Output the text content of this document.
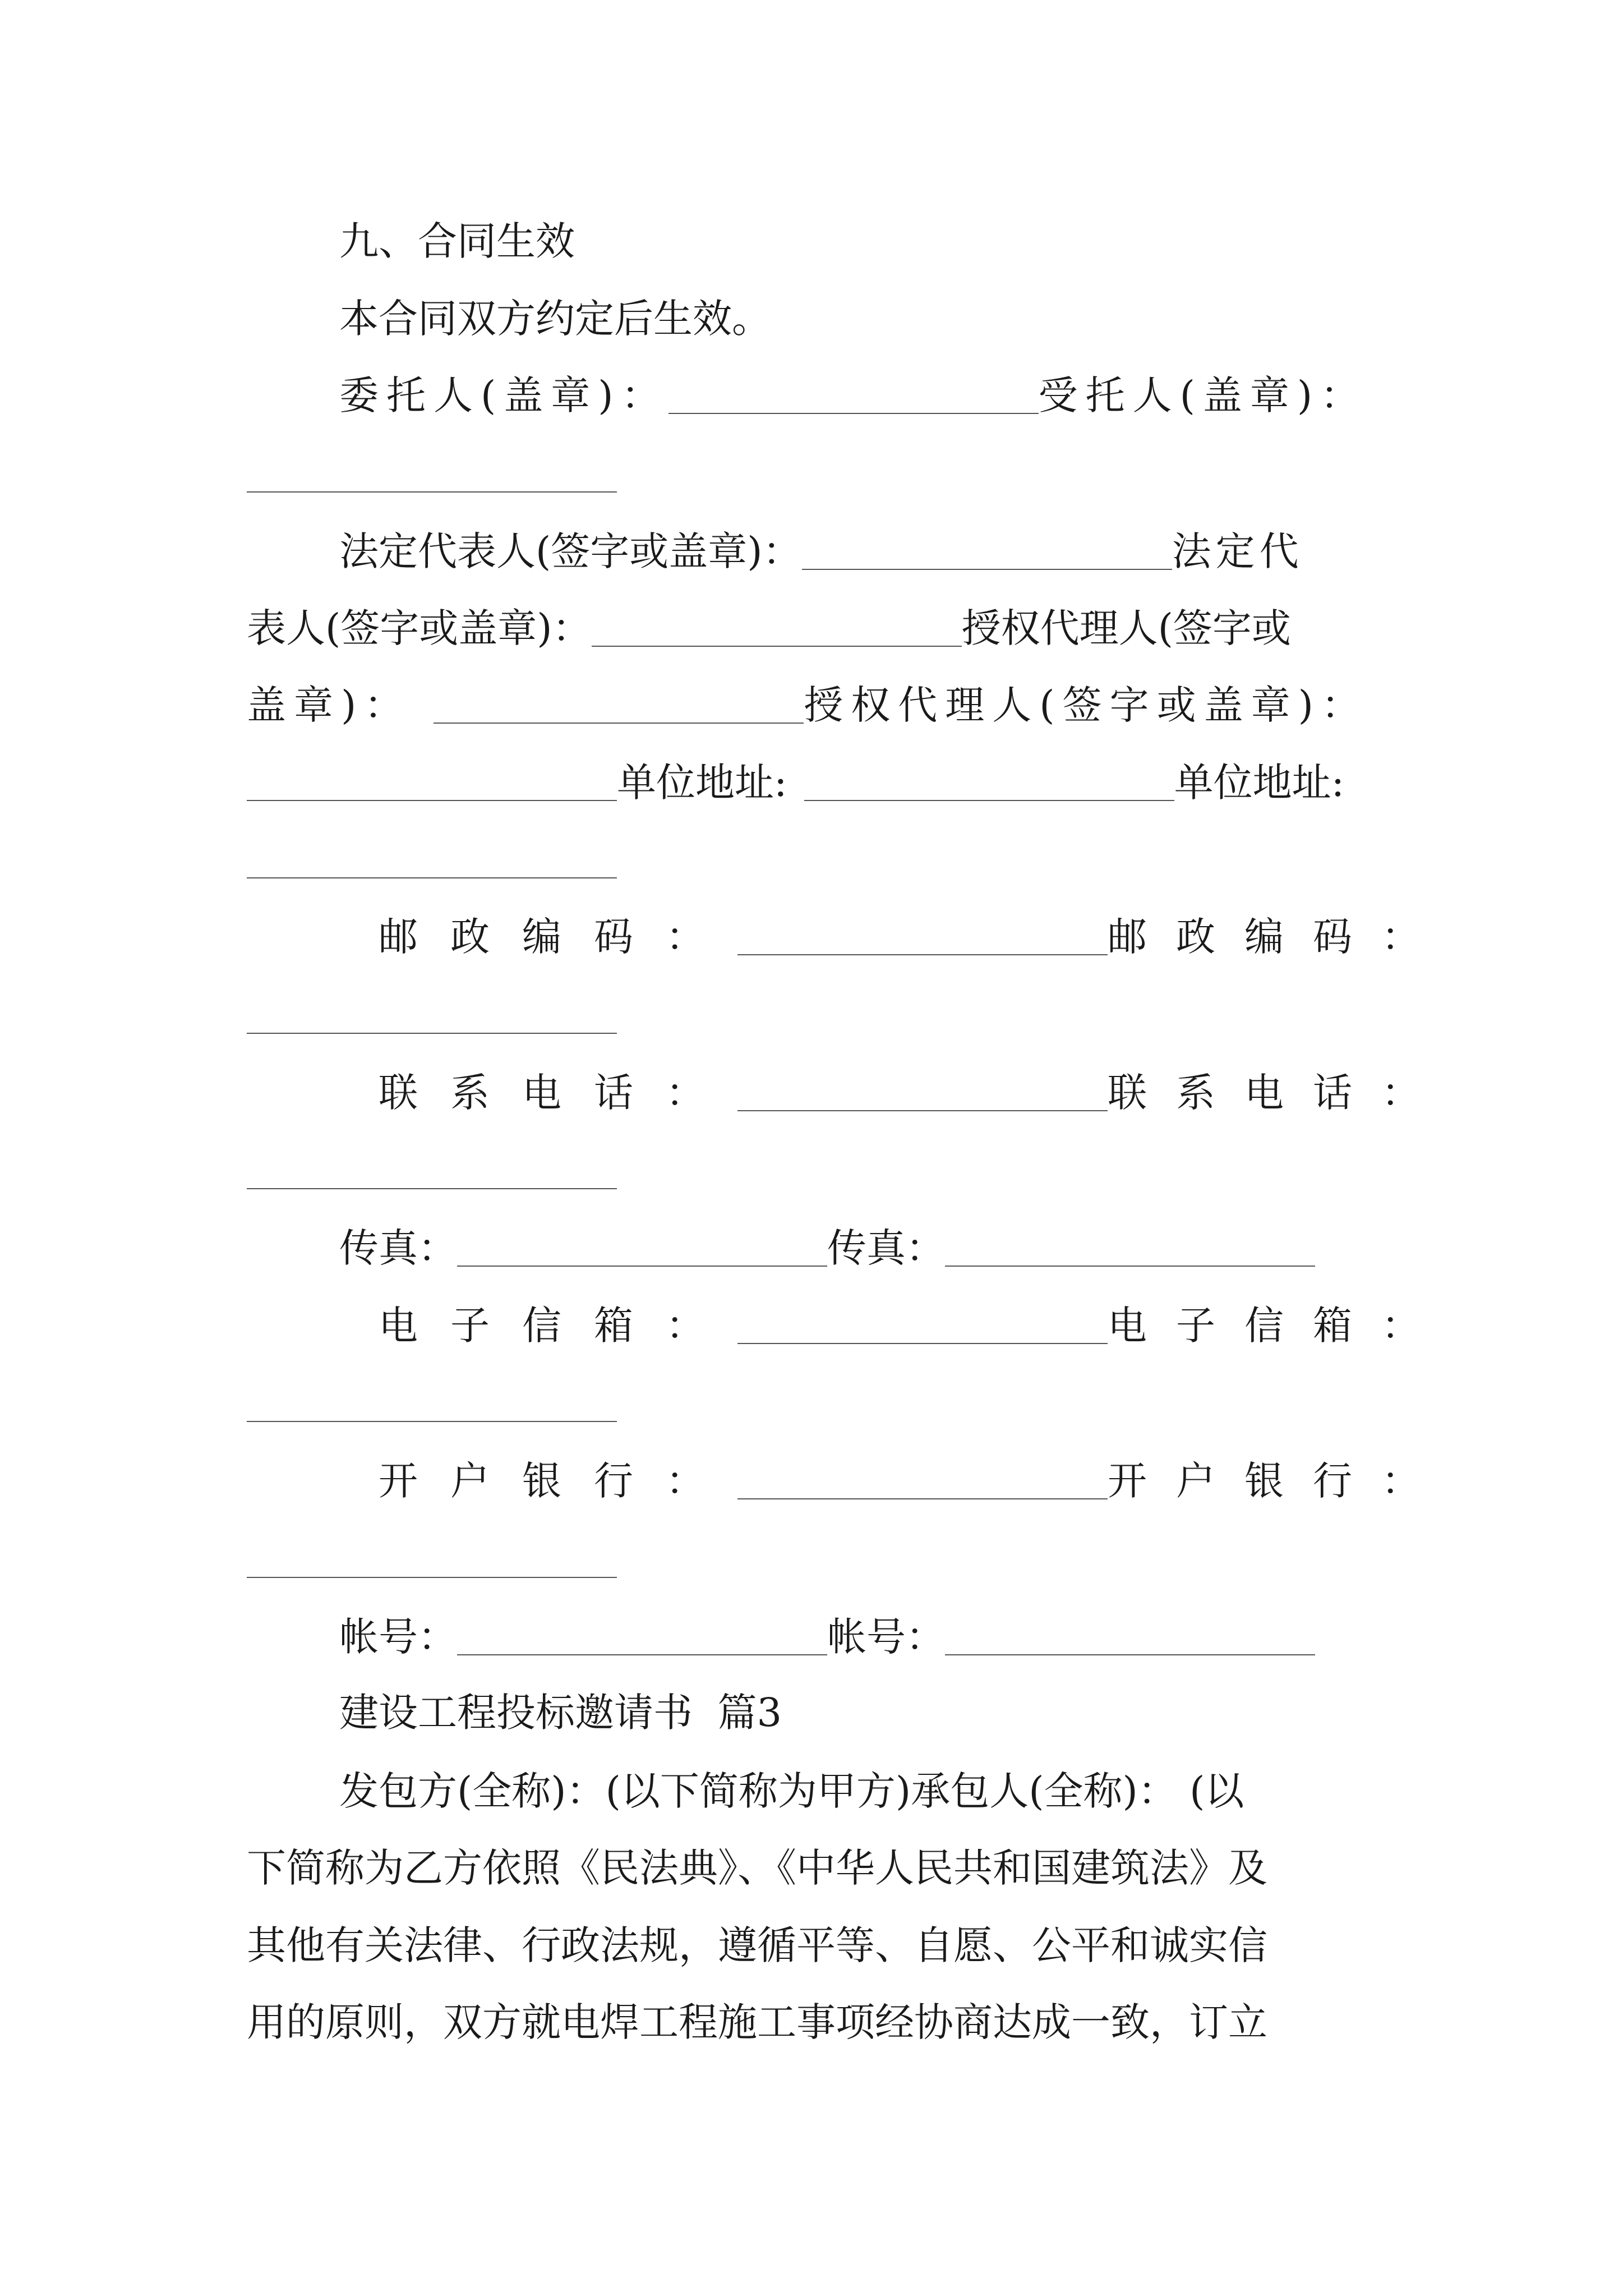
九、合同生效
本合同双方约定后生效。
委托人(盖章)：	受托人(盖章)：
法定代表人(签字或盖章)：	法定代
表人(签字或盖章)：	授权代理人(签字或
盖章)：	授权代理人(签字或盖章)：
单位地址:	单位地址:
邮政编码：	邮政编码：
联系电话：	联系电话：
传真：	传真：
电子信箱：	电子信箱：
开户银行：	开户银行：
帐号：	帐号：
建设工程投标邀请书  篇3
发包方(全称)：(以下简称为甲方)承包人(全称)： (以
下简称为乙方依照《民法典》、《中华人民共和国建筑法》及
其他有关法律、行政法规，遵循平等、自愿、公平和诚实信
用的原则，双方就电焊工程施工事项经协商达成一致，订立
